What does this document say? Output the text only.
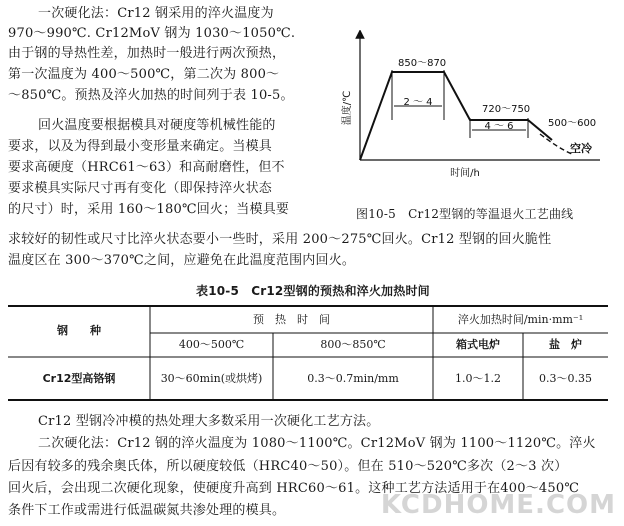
一次硬化法：Cr12 钢采用的淬火温度为
970～990℃. Cr12MoV 钢为 1030～1050℃.
由于钢的导热性差，加热时一般进行两次预热，
第一次温度为 400～500℃，第二次为 800～
～850℃。预热及淬火加热的时间列于表 10-5。
回火温度要根据模具对硬度等机械性能的
要求，以及为得到最小变形量来确定。当模具
要求高硬度（HRC61～63）和高耐磨性，但不
要求模具实际尺寸再有变化（即保持淬火状态
的尺寸）时，采用 160～180℃回火；当模具要
求较好的韧性或尺寸比淬火状态要小一些时，采用 200～275℃回火。Cr12 型钢的回火脆性
温度区在 300～370℃之间，应避免在此温度范围内回火。
温度/℃
时间/h
850～870
2 ～ 4
720～750
4 ～ 6	500～600
空冷
图10-5　Cr12型钢的等温退火工艺曲线
表10-5　Cr12型钢的预热和淬火加热时间
钢　　种
预　热　时　间	淬火加热时间/min·mm⁻¹
400～500℃	800～850℃	箱式电炉	盐　炉
Cr12型高铬钢	30～60min(或烘烤)	0.3～0.7min/mm	1.0～1.2	0.3～0.35
Cr12 型钢冷冲模的热处理大多数采用一次硬化工艺方法。
二次硬化法：Cr12 钢的淬火温度为 1080～1100℃。Cr12MoV 钢为 1100～1120℃。淬火
后因有较多的残余奥氏体，所以硬度较低（HRC40～50）。但在 510～520℃多次（2～3 次）
回火后，会出现二次硬化现象，使硬度升高到 HRC60～61。这种工艺方法适用于在400～450℃
条件下工作或需进行低温碳氮共渗处理的模具。	KCDHOME.COM
